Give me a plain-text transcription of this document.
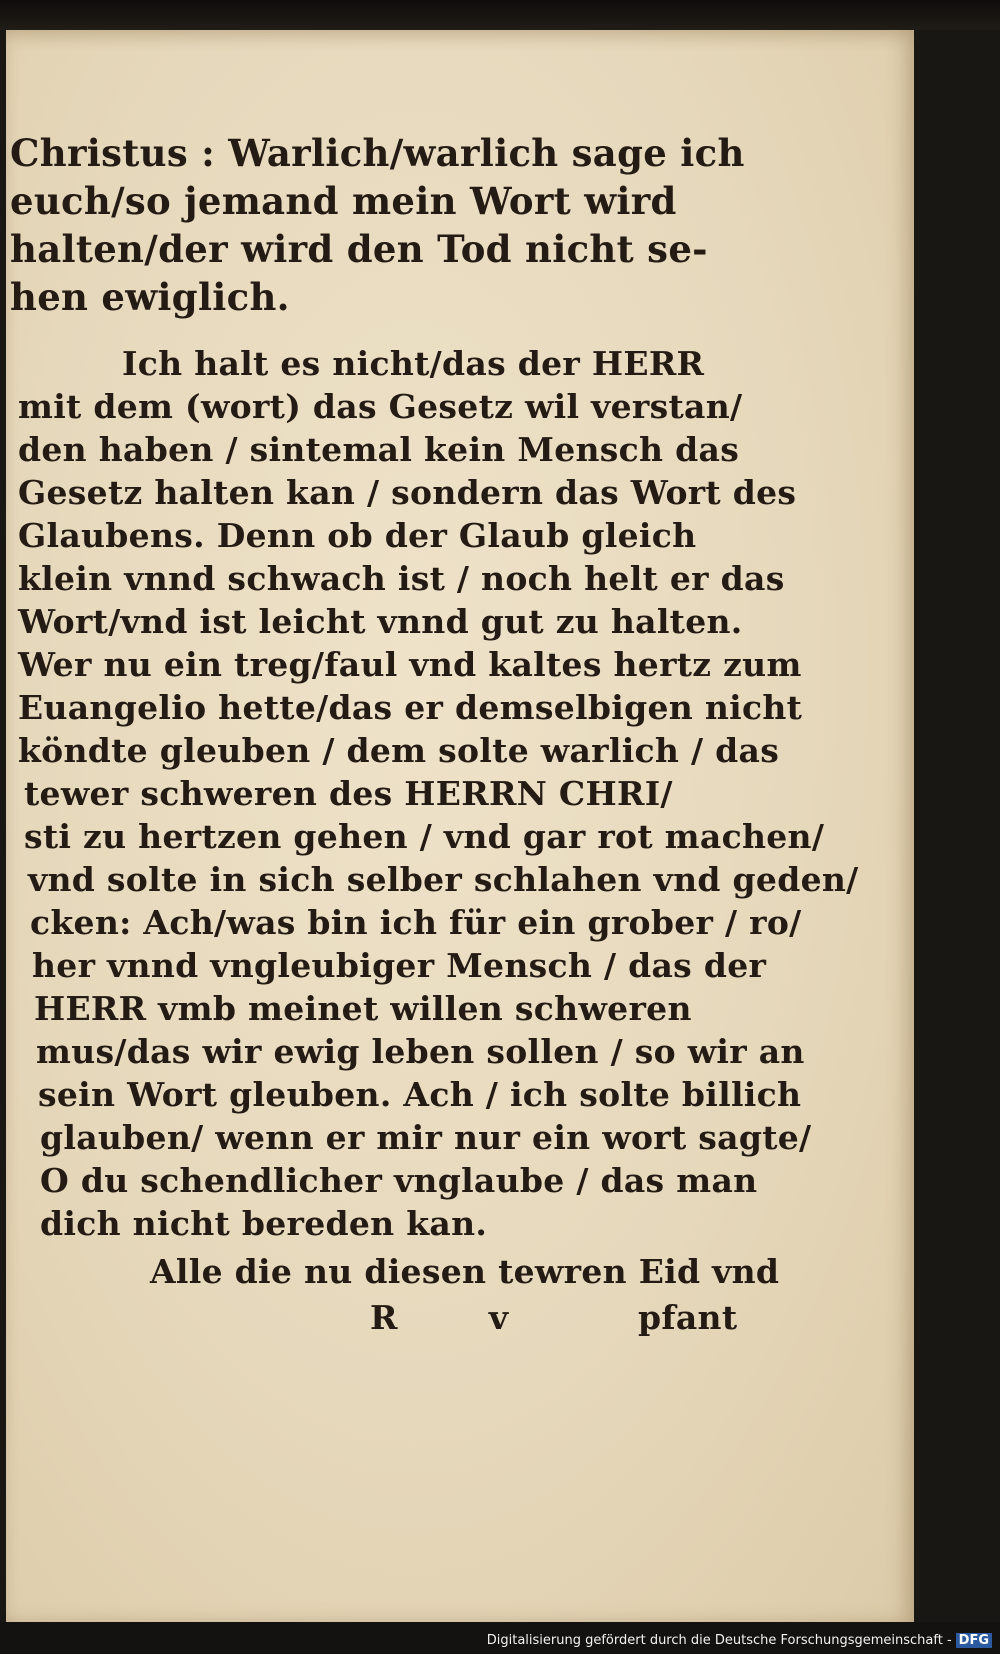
Christus : Warlich/warlich sage ich
euch/so jemand mein Wort wird
halten/der wird den Tod nicht se-
hen ewiglich.
Ich halt es nicht/das der HERR
mit dem (wort) das Gesetz wil verstan/
den haben / sintemal kein Mensch das
Gesetz halten kan / sondern das Wort des
Glaubens. Denn ob der Glaub gleich
klein vnnd schwach ist / noch helt er das
Wort/vnd ist leicht vnnd gut zu halten.
Wer nu ein treg/faul vnd kaltes hertz zum
Euangelio hette/das er demselbigen nicht
köndte gleuben / dem solte warlich / das
tewer schweren des HERRN CHRI/
sti zu hertzen gehen / vnd gar rot machen/
vnd solte in sich selber schlahen vnd geden/
cken: Ach/was bin ich für ein grober / ro/
her vnnd vngleubiger Mensch / das der
HERR vmb meinet willen schweren
mus/das wir ewig leben sollen / so wir an
sein Wort gleuben. Ach / ich solte billich
glauben/ wenn er mir nur ein wort sagte/
O du schendlicher vnglaube / das man
dich nicht bereden kan.
Alle die nu diesen tewren Eid vnd
R v	pfant
Digitalisierung gefördert durch die Deutsche Forschungsgemeinschaft - DFG
